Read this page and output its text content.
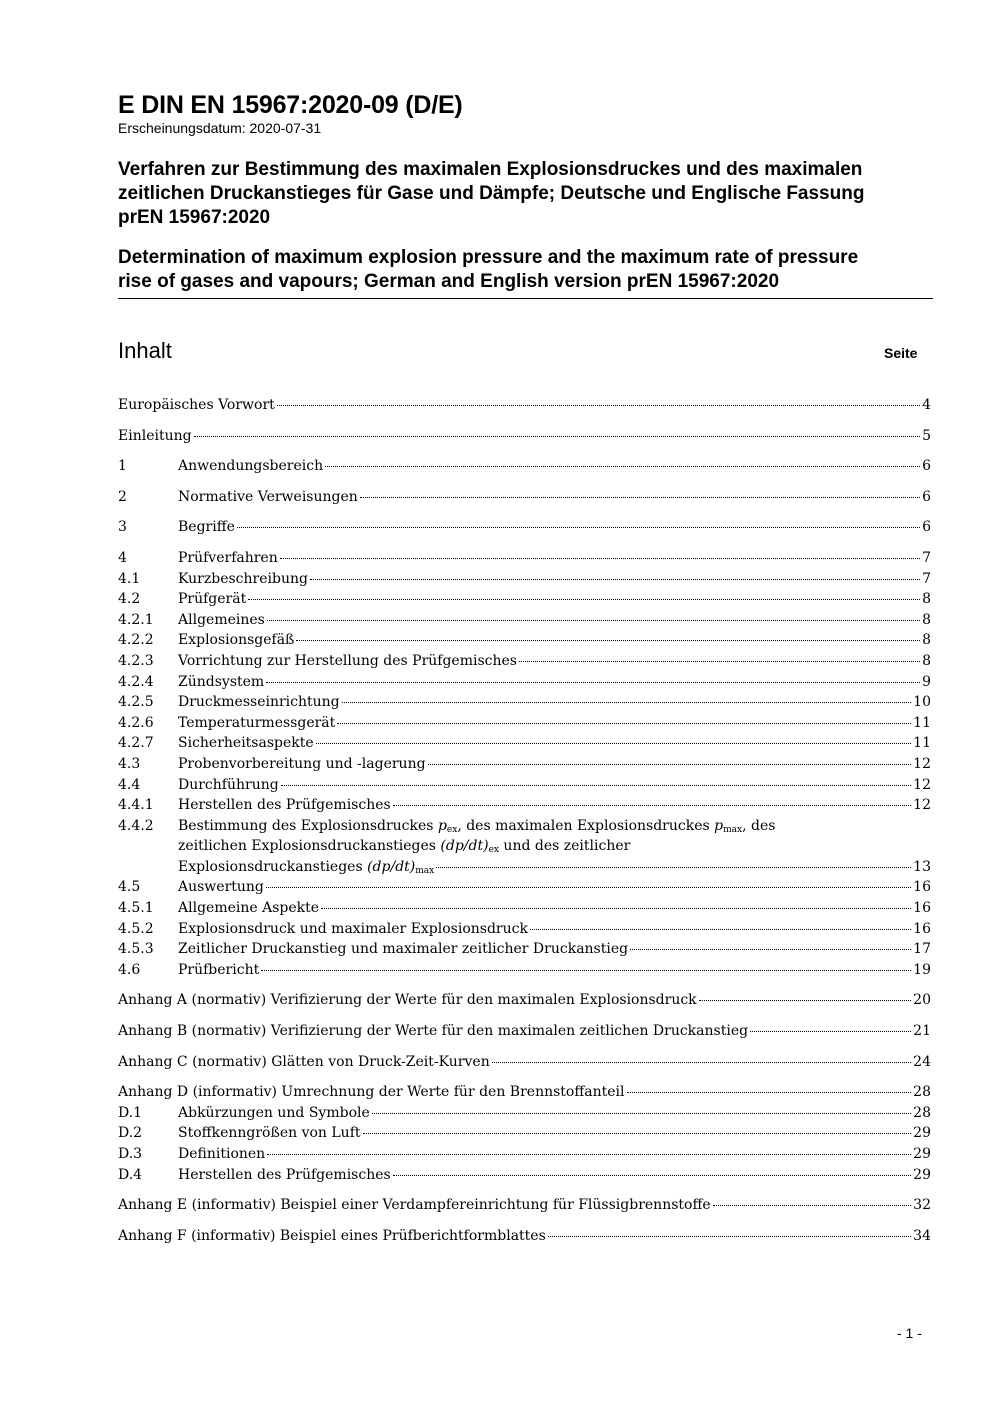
E DIN EN 15967:2020-09 (D/E)

Erscheinungsdatum: 2020-07-31

Verfahren zur Bestimmung des maximalen Explosionsdruckes und des maximalen
zeitlichen Druckanstieges für Gase und Dämpfe; Deutsche und Englische Fassung
prEN 15967:2020
Determination of maximum explosion pressure and the maximum rate of pressure
rise of gases and vapours; German and English version prEN 15967:2020
Inhalt	Seite
Europäisches Vorwort	4
Einleitung	5
1	Anwendungsbereich	6
2	Normative Verweisungen	6
3	Begriffe	6
4	Prüfverfahren	7
4.1	Kurzbeschreibung	7
4.2	Prüfgerät	8
4.2.1	Allgemeines	8
4.2.2	Explosionsgefäß	8
4.2.3	Vorrichtung zur Herstellung des Prüfgemisches	8
4.2.4	Zündsystem	9
4.2.5	Druckmesseinrichtung	10
4.2.6	Temperaturmessgerät	11
4.2.7	Sicherheitsaspekte	11
4.3	Probenvorbereitung und -lagerung	12
4.4	Durchführung	12
4.4.1	Herstellen des Prüfgemisches	12
4.4.2	Bestimmung des Explosionsdruckes $p_{ex}$, des maximalen Explosionsdruckes $p_{max}$, des
zeitlichen Explosionsdruckanstieges $(dp/dt)_{ex}$ und des zeitlicher
Explosionsdruckanstieges $(dp/dt)_{max}$	13
4.5	Auswertung	16
4.5.1	Allgemeine Aspekte	16
4.5.2	Explosionsdruck und maximaler Explosionsdruck	16
4.5.3	Zeitlicher Druckanstieg und maximaler zeitlicher Druckanstieg	17
4.6	Prüfbericht	19
Anhang A (normativ) Verifizierung der Werte für den maximalen Explosionsdruck	20
Anhang B (normativ) Verifizierung der Werte für den maximalen zeitlichen Druckanstieg	21
Anhang C (normativ) Glätten von Druck-Zeit-Kurven	24
Anhang D (informativ) Umrechnung der Werte für den Brennstoffanteil	28
D.1	Abkürzungen und Symbole	28
D.2	Stoffkenngrößen von Luft	29
D.3	Definitionen	29
D.4	Herstellen des Prüfgemisches	29
Anhang E (informativ) Beispiel einer Verdampfereinrichtung für Flüssigbrennstoffe	32
Anhang F (informativ) Beispiel eines Prüfberichtformblattes	34
- 1 -
